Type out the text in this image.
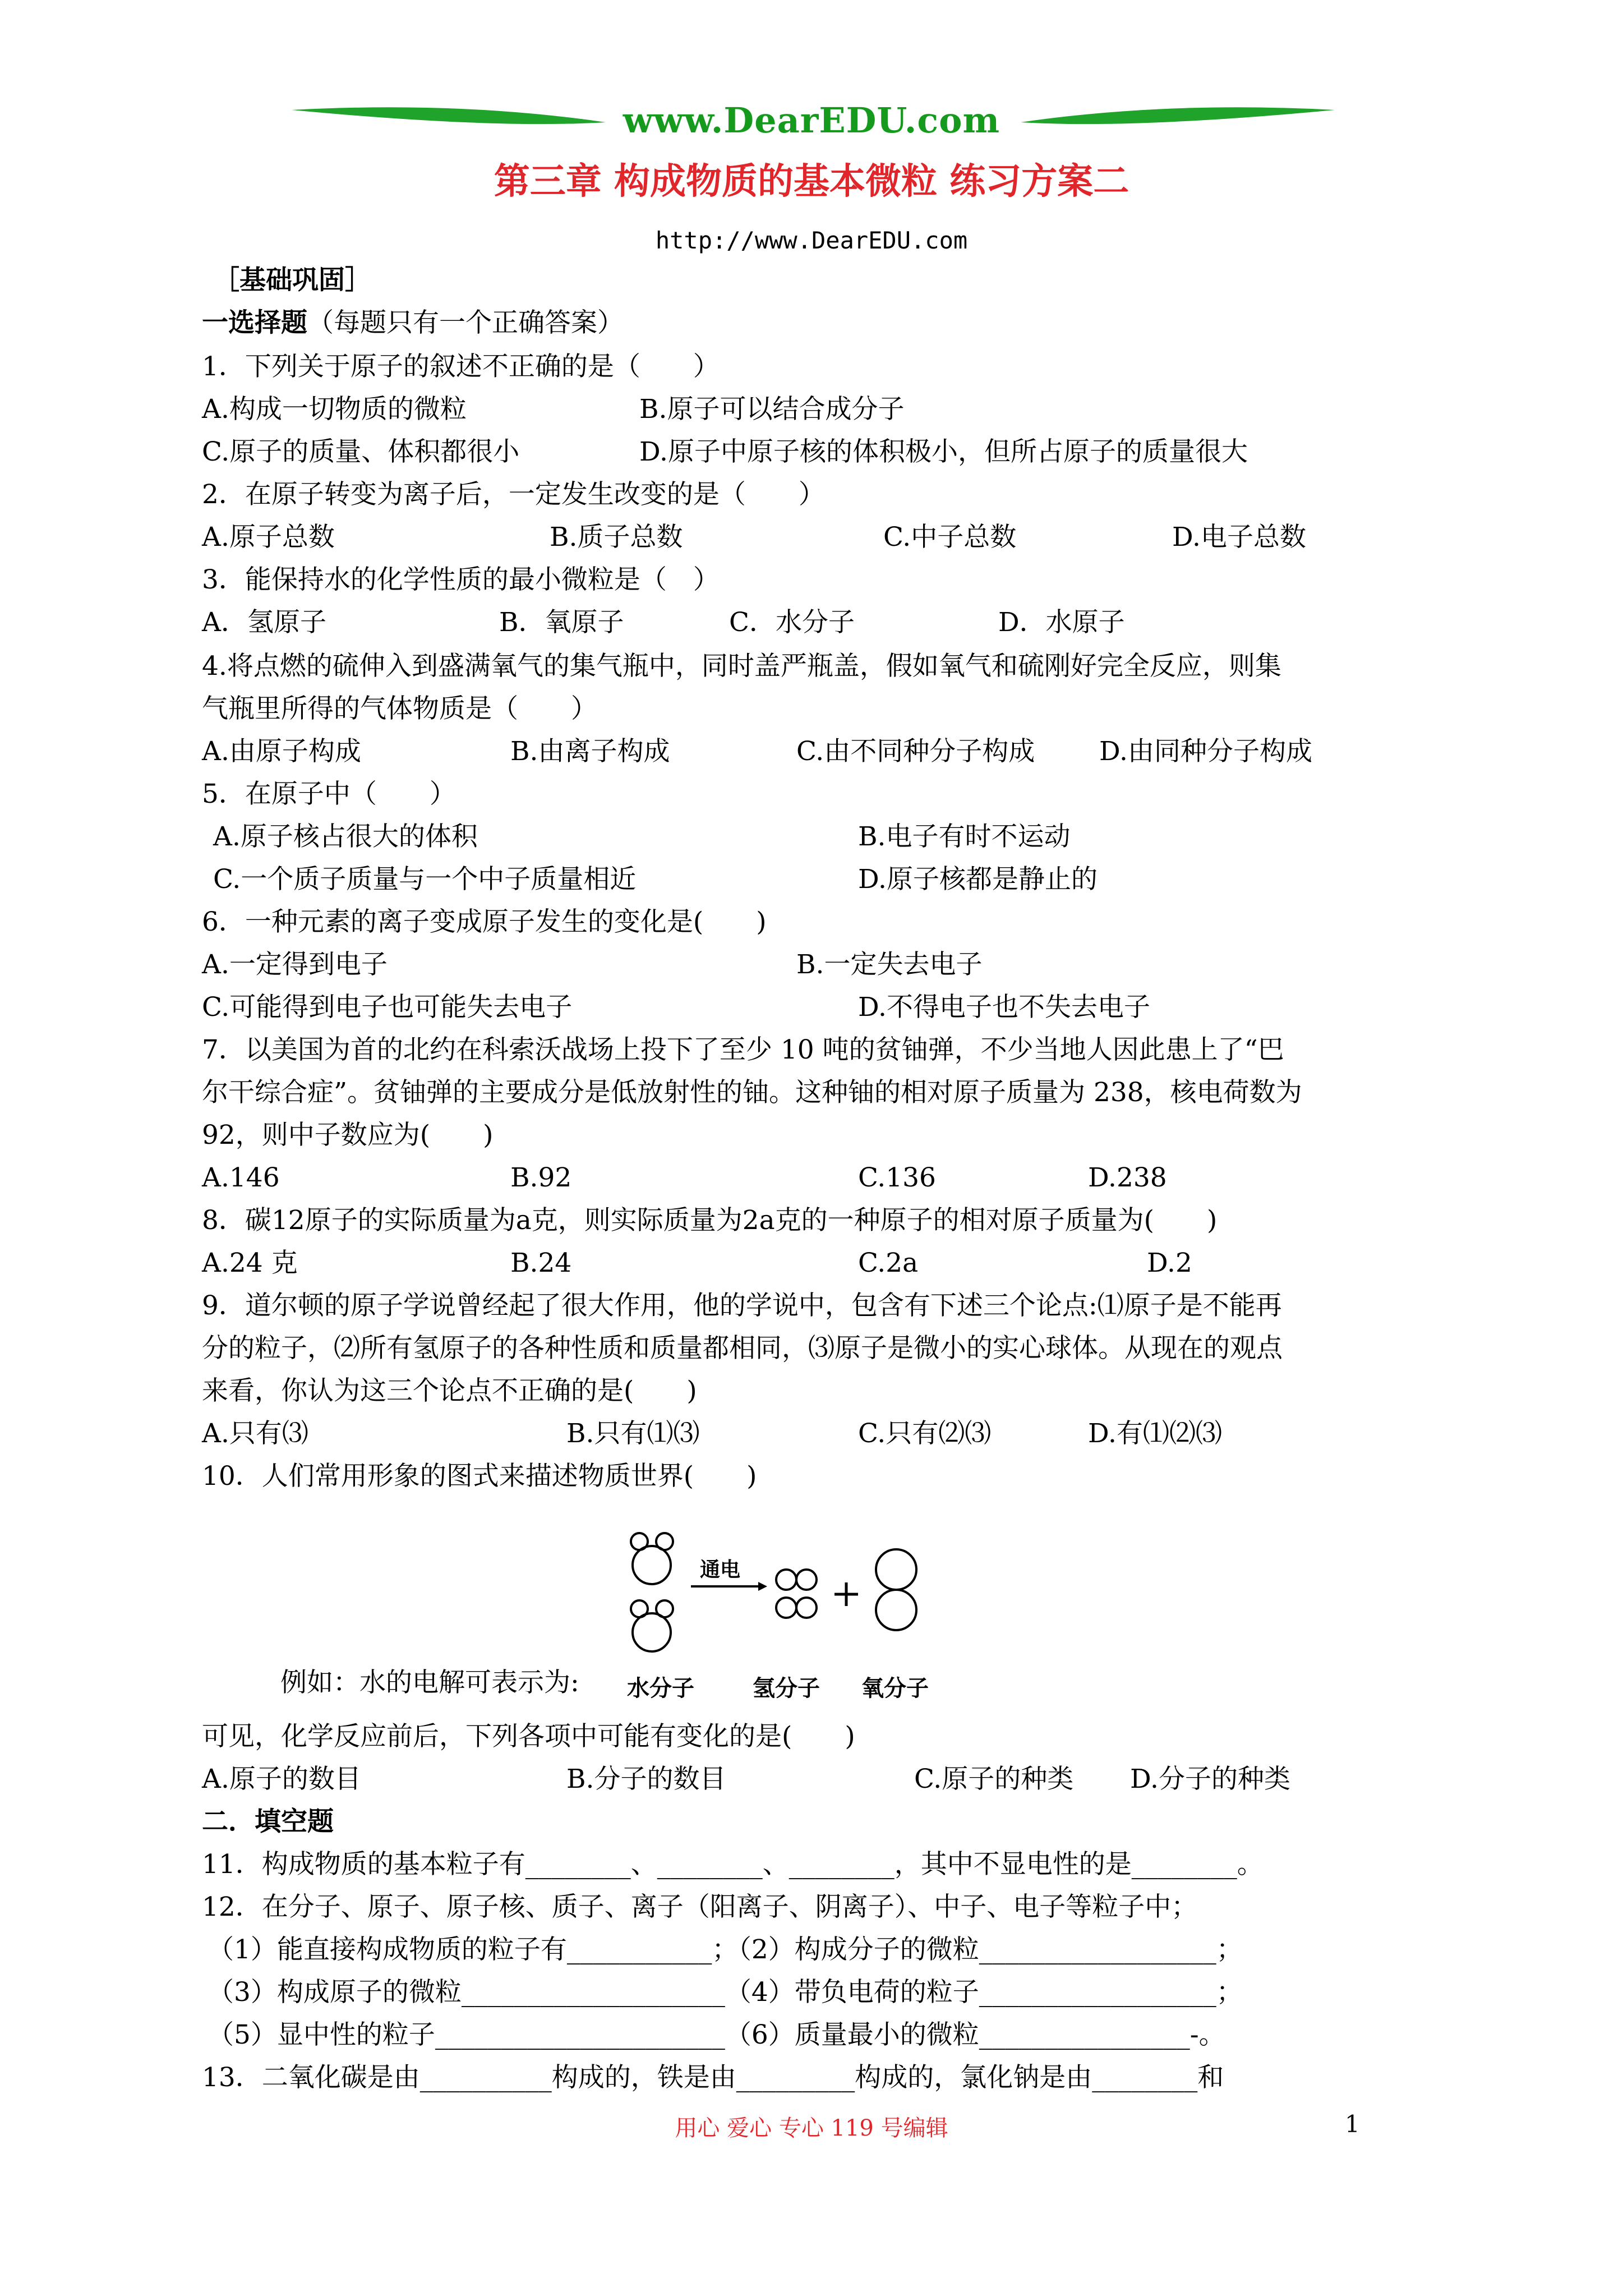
www.DearEDU.com
第三章 构成物质的基本微粒 练习方案二
http://www.DearEDU.com
［基础巩固］
一选择题（每题只有一个正确答案）
1．下列关于原子的叙述不正确的是（　　）
A.构成一切物质的微粒	B.原子可以结合成分子
C.原子的质量、体积都很小	D.原子中原子核的体积极小，但所占原子的质量很大
2．在原子转变为离子后，一定发生改变的是（　　）
A.原子总数	B.质子总数	C.中子总数	D.电子总数
3．能保持水的化学性质的最小微粒是（　）
A．氢原子	B．氧原子	C．水分子	D．水原子
4.将点燃的硫伸入到盛满氧气的集气瓶中，同时盖严瓶盖，假如氧气和硫刚好完全反应，则集
气瓶里所得的气体物质是（　　）
A.由原子构成	B.由离子构成	C.由不同种分子构成 D.由同种分子构成
5．在原子中（　　）
A.原子核占很大的体积	B.电子有时不运动
C.一个质子质量与一个中子质量相近	D.原子核都是静止的
6．一种元素的离子变成原子发生的变化是(　　)
A.一定得到电子	B.一定失去电子
C.可能得到电子也可能失去电子	D.不得电子也不失去电子
7．以美国为首的北约在科索沃战场上投下了至少 10 吨的贫铀弹，不少当地人因此患上了“巴
尔干综合症”。贫铀弹的主要成分是低放射性的铀。这种铀的相对原子质量为 238，核电荷数为
92，则中子数应为(　　)
A.146	B.92	C.136	D.238
8．碳12原子的实际质量为a克，则实际质量为2a克的一种原子的相对原子质量为(　　)
A.24 克	B.24	C.2a	D.2
9．道尔顿的原子学说曾经起了很大作用，他的学说中，包含有下述三个论点:⑴原子是不能再
分的粒子，⑵所有氢原子的各种性质和质量都相同，⑶原子是微小的实心球体。从现在的观点
来看，你认为这三个论点不正确的是(　　)
A.只有⑶	B.只有⑴⑶	C.只有⑵⑶	D.有⑴⑵⑶
10．人们常用形象的图式来描述物质世界(　　)
通电
水分子	氢分子 氧分子
例如：水的电解可表示为:
可见，化学反应前后，下列各项中可能有变化的是(　　)
A.原子的数目	B.分子的数目	C.原子的种类 D.分子的种类
二．填空题
11．构成物质的基本粒子有________、________、________，其中不显电性的是________。
12．在分子、原子、原子核、质子、离子（阳离子、阴离子）、中子、电子等粒子中；
（1）能直接构成物质的粒子有___________；（2）构成分子的微粒__________________；
（3）构成原子的微粒____________________（4）带负电荷的粒子__________________；
（5）显中性的粒子______________________（6）质量最小的微粒________________-。
13．二氧化碳是由__________构成的，铁是由_________构成的，氯化钠是由________和
用心 爱心 专心 119 号编辑	1
